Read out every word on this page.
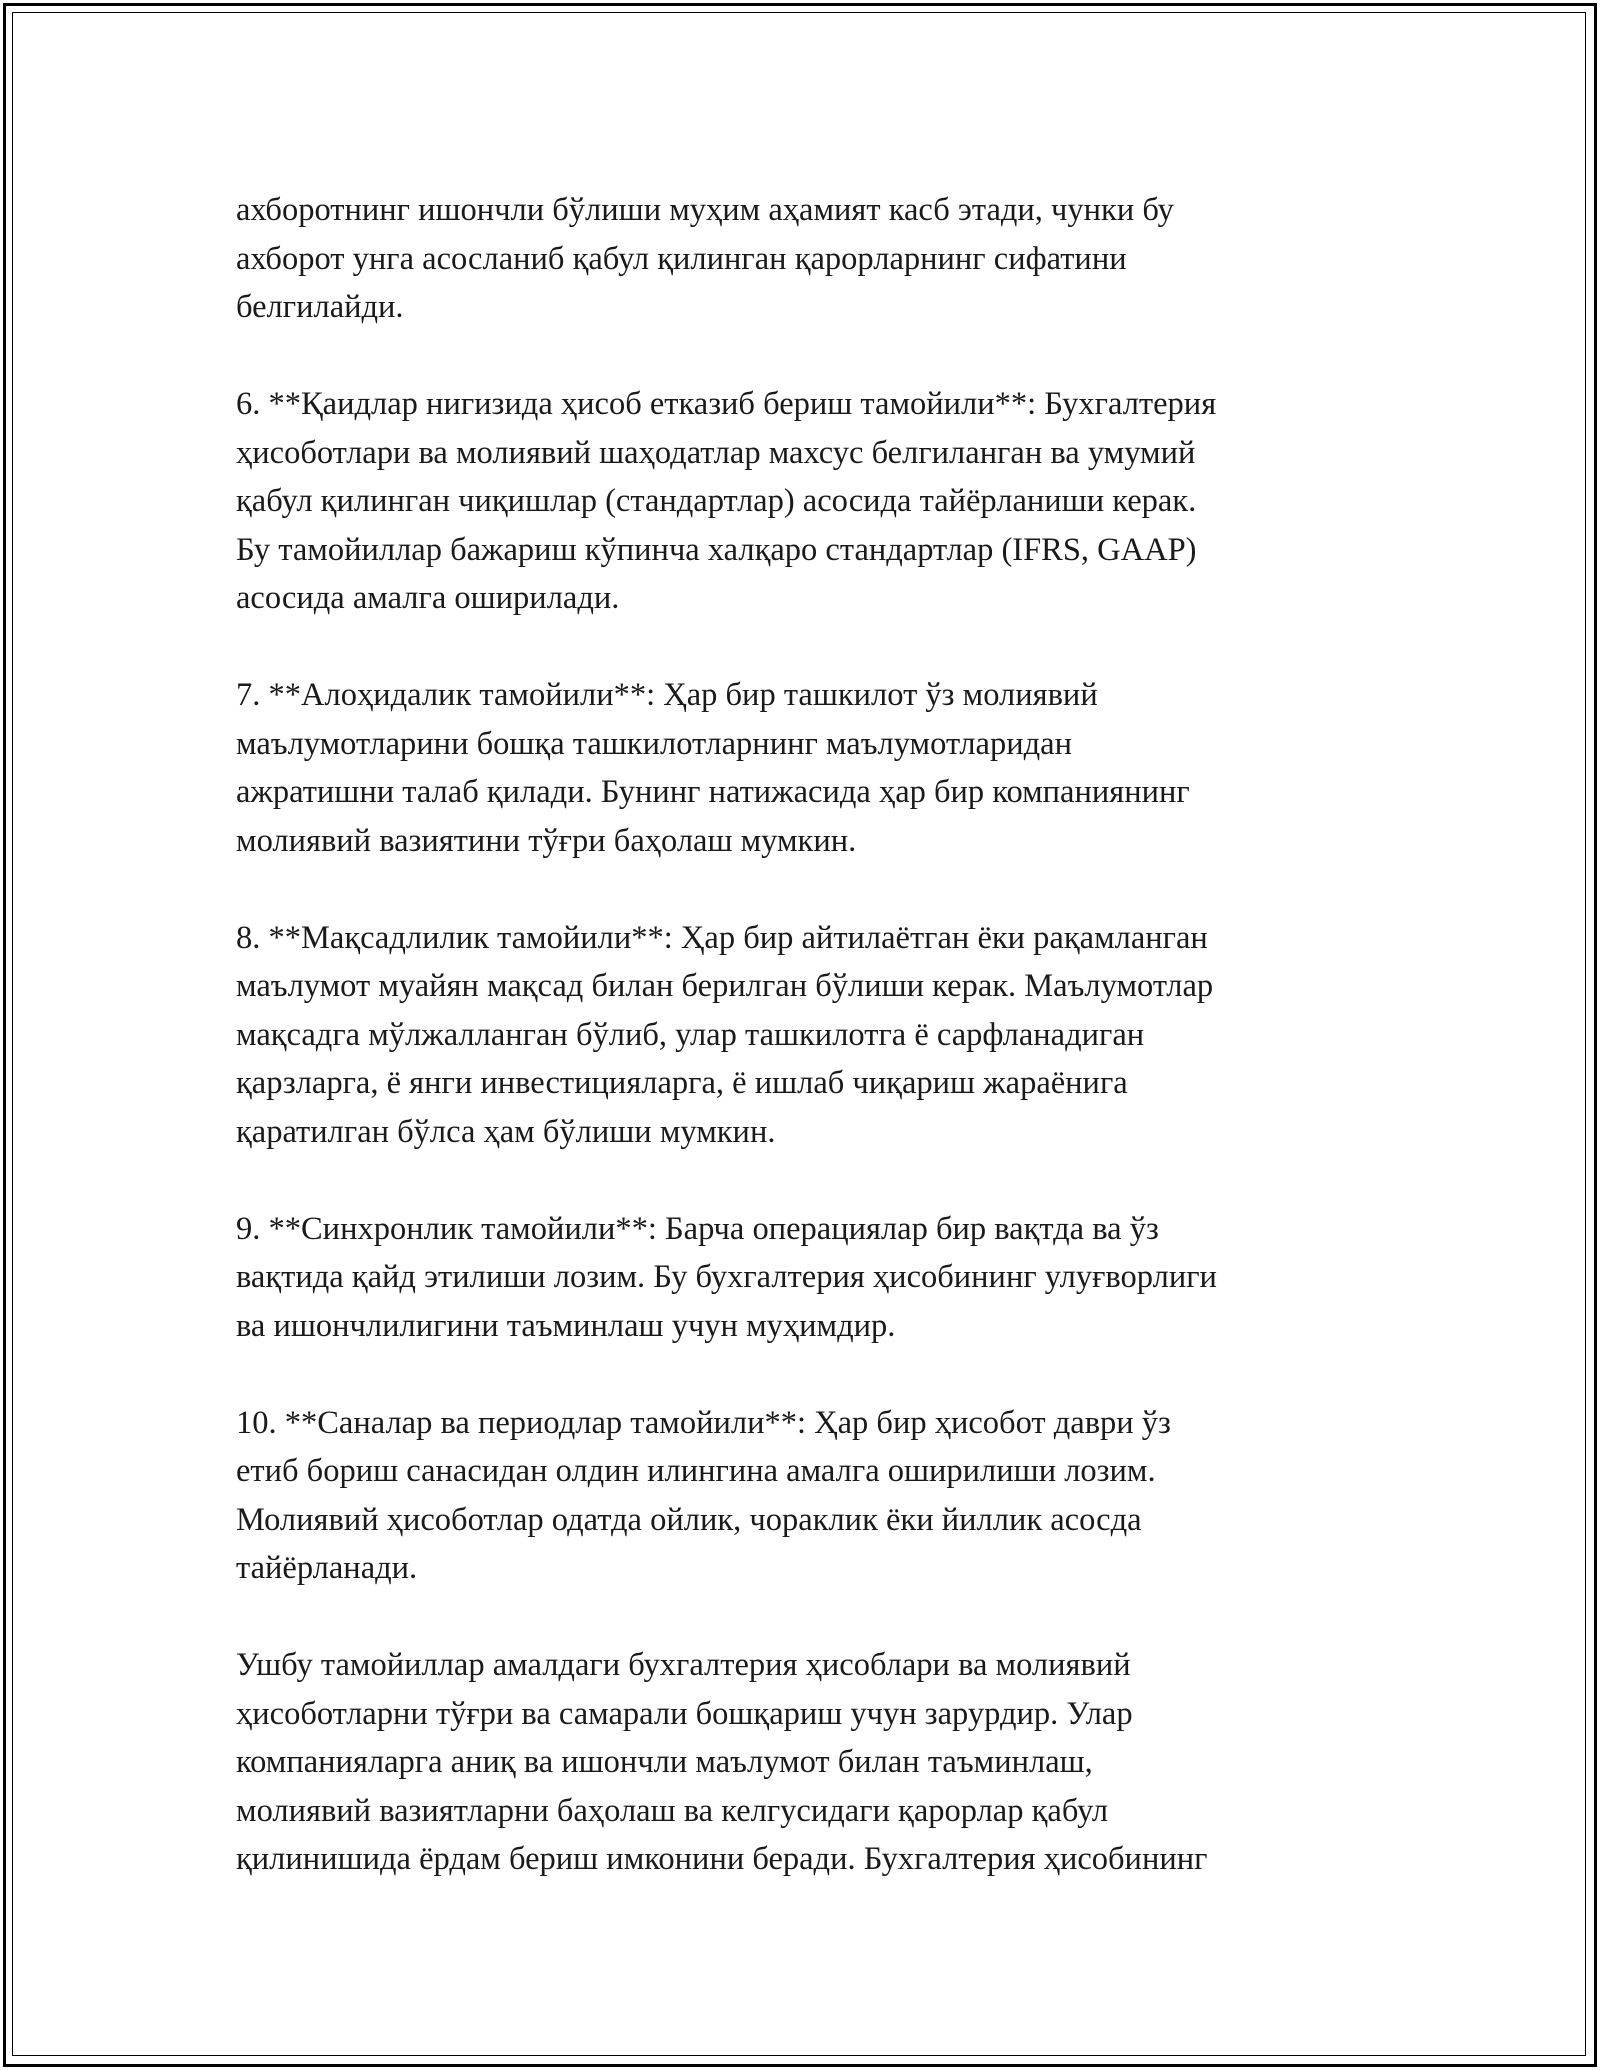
ахборотнинг ишончли бўлиши муҳим аҳамият касб этади, чунки бу
ахборот унга асосланиб қабул қилинган қарорларнинг сифатини
белгилайди.
6. **Қаидлар нигизида ҳисоб етказиб бериш тамойили**: Бухгалтерия
ҳисоботлари ва молиявий шаҳодатлар махсус белгиланган ва умумий
қабул қилинган чиқишлар (стандартлар) асосида тайёрланиши керак.
Бу тамойиллар бажариш кўпинча халқаро стандартлар (IFRS, GAAP)
асосида амалга оширилади.
7. **Алоҳидалик тамойили**: Ҳар бир ташкилот ўз молиявий
маълумотларини бошқа ташкилотларнинг маълумотларидан
ажратишни талаб қилади. Бунинг натижасида ҳар бир компаниянинг
молиявий вазиятини тўғри баҳолаш мумкин.
8. **Мақсадлилик тамойили**: Ҳар бир айтилаётган ёки рақамланган
маълумот муайян мақсад билан берилган бўлиши керак. Маълумотлар
мақсадга мўлжалланган бўлиб, улар ташкилотга ё сарфланадиган
қарзларга, ё янги инвестицияларга, ё ишлаб чиқариш жараёнига
қаратилган бўлса ҳам бўлиши мумкин.
9. **Синхронлик тамойили**: Барча операциялар бир вақтда ва ўз
вақтида қайд этилиши лозим. Бу бухгалтерия ҳисобининг улуғворлиги
ва ишончлилигини таъминлаш учун муҳимдир.
10. **Саналар ва периодлар тамойили**: Ҳар бир ҳисобот даври ўз
етиб бориш санасидан олдин илингина амалга оширилиши лозим.
Молиявий ҳисоботлар одатда ойлик, чораклик ёки йиллик асосда
тайёрланади.
Ушбу тамойиллар амалдаги бухгалтерия ҳисоблари ва молиявий
ҳисоботларни тўғри ва самарали бошқариш учун зарурдир. Улар
компанияларга аниқ ва ишончли маълумот билан таъминлаш,
молиявий вазиятларни баҳолаш ва келгусидаги қарорлар қабул
қилинишида ёрдам бериш имконини беради. Бухгалтерия ҳисобининг
